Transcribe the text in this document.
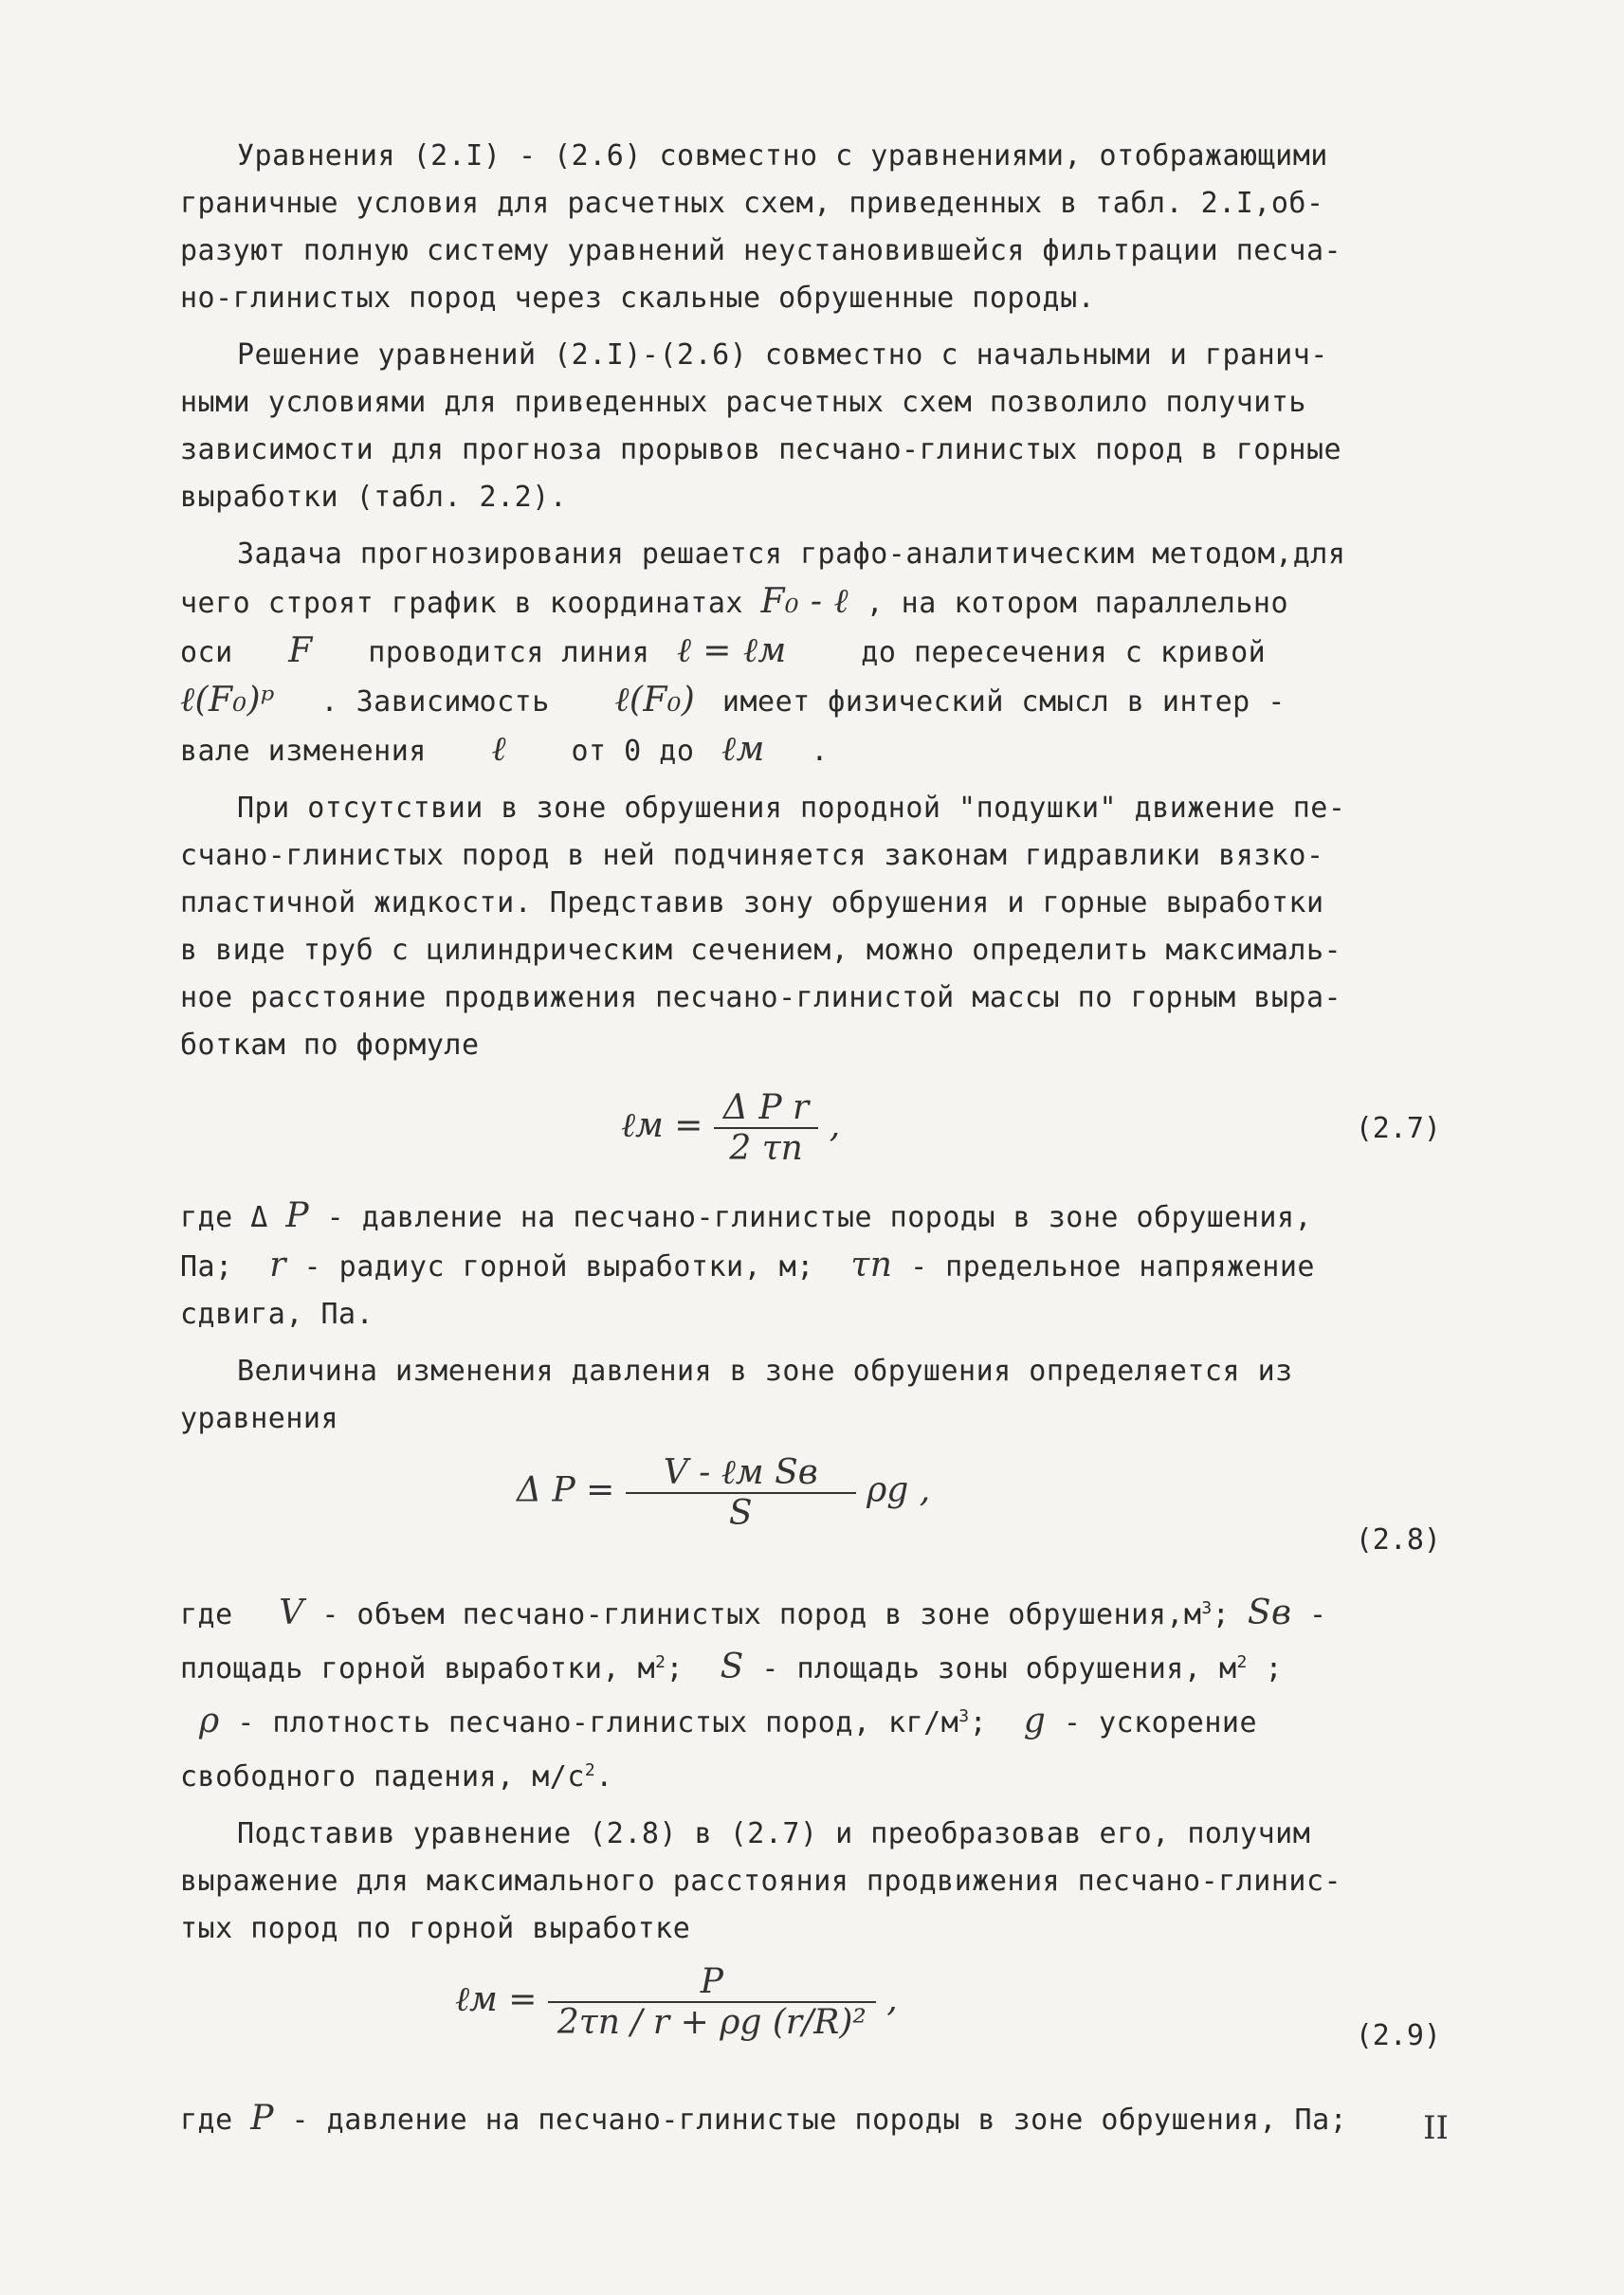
Уравнения (2.I) - (2.6) совместно с уравнениями, отображающими
граничные условия для расчетных схем, приведенных в табл. 2.I,об-
разуют полную систему уравнений неустановившейся фильтрации песча-
но-глинистых пород через скальные обрушенные породы.
Решение уравнений (2.I)-(2.6) совместно с начальными и гранич-
ными условиями для приведенных расчетных схем позволило получить
зависимости для прогноза прорывов песчано-глинистых пород в горные
выработки (табл. 2.2).
Задача прогнозирования решается графо-аналитическим методом,для
чего строят график в координатах F₀ - ℓ , на котором параллельно
оси F проводится линия ℓ = ℓм	до пересечения с кривой
ℓ(F₀)ᵖ . Зависимость ℓ(F₀) имеет физический смысл в интер -
вале изменения ℓ от 0 до ℓм .
При отсутствии в зоне обрушения породной "подушки" движение пе-
счано-глинистых пород в ней подчиняется законам гидравлики вязко-
пластичной жидкости. Представив зону обрушения и горные выработки
в виде труб с цилиндрическим сечением, можно определить максималь-
ное расстояние продвижения песчано-глинистой массы по горным выра-
боткам по формуле
ℓм = $\frac{\text{Δ P r}}{2 \tau п}$ ,	(2.7)
где Δ P - давление на песчано-глинистые породы в зоне обрушения,
Па; r - радиус горной выработки, м; τп - предельное напряжение
сдвига, Па.
Величина изменения давления в зоне обрушения определяется из
уравнения
Δ $P = \frac{\text{V - ℓм Sв}}{S}$ ρg ,
(2.8)
где V - объем песчано-глинистых пород в зоне $обрушения,м^3$; Sв -
площадь горной выработки, $м^2$; S - площадь зоны обрушения, $м^2$ ;
ρ - плотность песчано-глинистых пород, $кг/м^3$; g - ускорение
свободного падения, $м/с^2$.
Подставив уравнение (2.8) в (2.7) и преобразовав его, получим
выражение для максимального расстояния продвижения песчано-глинис-
тых пород по горной выработке
ℓм = $\frac{P}{\text{2τп / r + ρg (r/R)²}}$ ,
(2.9)
где P - давление на песчано-глинистые породы в зоне обрушения, Па;	II
